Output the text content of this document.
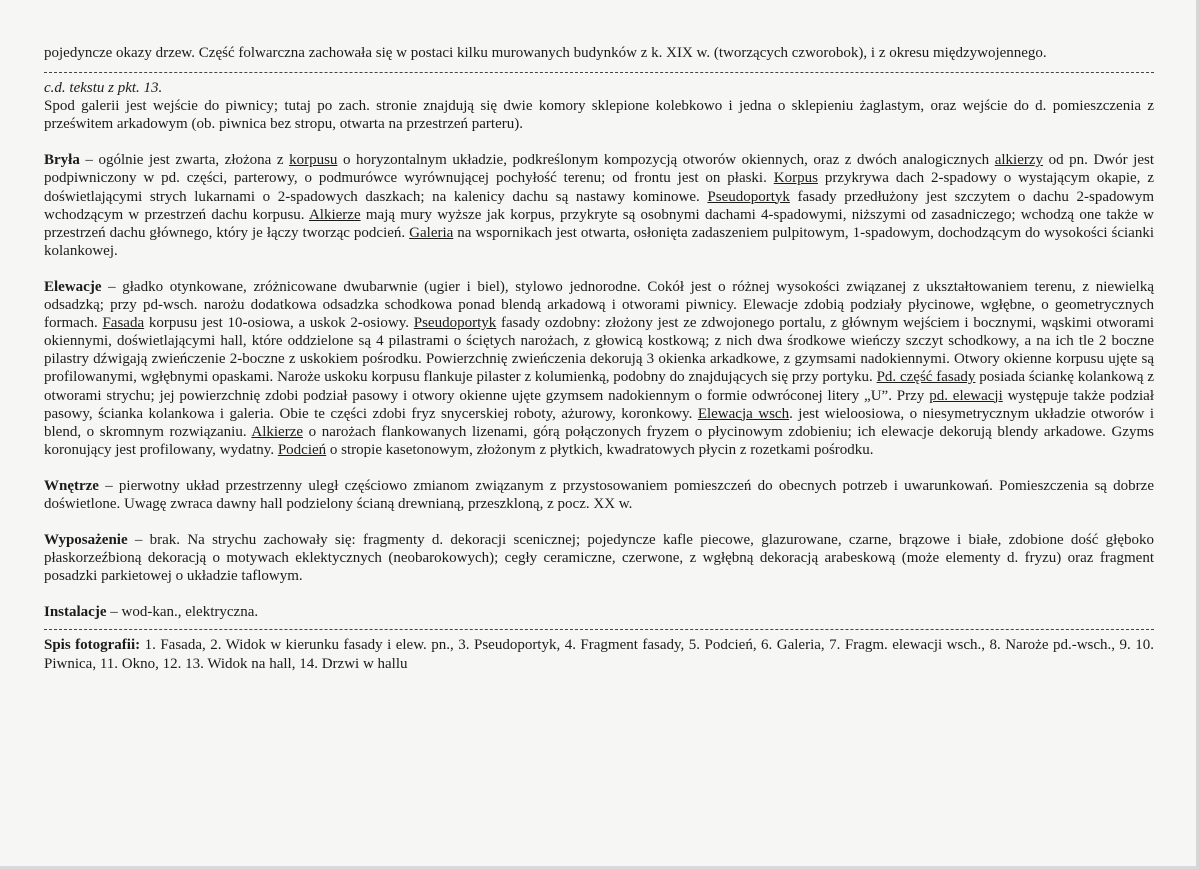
pojedyncze okazy drzew. Część folwarczna zachowała się w postaci kilku murowanych budynków z k. XIX w. (tworzących czworobok), i z okresu międzywojennego.

c.d. tekstu z pkt. 13.

Spod galerii jest wejście do piwnicy; tutaj po zach. stronie znajdują się dwie komory sklepione kolebkowo i jedna o sklepieniu żaglastym, oraz wejście do d. pomieszczenia z prześwitem arkadowym (ob. piwnica bez stropu, otwarta na przestrzeń parteru).

Bryła – ogólnie jest zwarta, złożona z korpusu o horyzontalnym układzie, podkreślonym kompozycją otworów okiennych, oraz z dwóch analogicznych alkierzy od pn. Dwór jest podpiwniczony w pd. części, parterowy, o podmurówce wyrównującej pochyłość terenu; od frontu jest on płaski. Korpus przykrywa dach 2-spadowy o wystającym okapie, z doświetlającymi strych lukarnami o 2-spadowych daszkach; na kalenicy dachu są nastawy kominowe. Pseudoportyk fasady przedłużony jest szczytem o dachu 2-spadowym wchodzącym w przestrzeń dachu korpusu. Alkierze mają mury wyższe jak korpus, przykryte są osobnymi dachami 4-spadowymi, niższymi od zasadniczego; wchodzą one także w przestrzeń dachu głównego, który je łączy tworząc podcień. Galeria na wspornikach jest otwarta, osłonięta zadaszeniem pulpitowym, 1-spadowym, dochodzącym do wysokości ścianki kolankowej.

Elewacje – gładko otynkowane, zróżnicowane dwubarwnie (ugier i biel), stylowo jednorodne. Cokół jest o różnej wysokości związanej z ukształtowaniem terenu, z niewielką odsadzką; przy pd-wsch. narożu dodatkowa odsadzka schodkowa ponad blendą arkadową i otworami piwnicy. Elewacje zdobią podziały płycinowe, wgłębne, o geometrycznych formach. Fasada korpusu jest 10-osiowa, a uskok 2-osiowy. Pseudoportyk fasady ozdobny: złożony jest ze zdwojonego portalu, z głównym wejściem i bocznymi, wąskimi otworami okiennymi, doświetlającymi hall, które oddzielone są 4 pilastrami o ściętych narożach, z głowicą kostkową; z nich dwa środkowe wieńczy szczyt schodkowy, a na ich tle 2 boczne pilastry dźwigają zwieńczenie 2-boczne z uskokiem pośrodku. Powierzchnię zwieńczenia dekorują 3 okienka arkadkowe, z gzymsami nadokiennymi. Otwory okienne korpusu ujęte są profilowanymi, wgłębnymi opaskami. Naroże uskoku korpusu flankuje pilaster z kolumienką, podobny do znajdujących się przy portyku. Pd. część fasady posiada ściankę kolankową z otworami strychu; jej powierzchnię zdobi podział pasowy i otwory okienne ujęte gzymsem nadokiennym o formie odwróconej litery „U”. Przy pd. elewacji występuje także podział pasowy, ścianka kolankowa i galeria. Obie te części zdobi fryz snycerskiej roboty, ażurowy, koronkowy. Elewacja wsch. jest wieloosiowa, o niesymetrycznym układzie otworów i blend, o skromnym rozwiązaniu. Alkierze o narożach flankowanych lizenami, górą połączonych fryzem o płycinowym zdobieniu; ich elewacje dekorują blendy arkadowe. Gzyms koronujący jest profilowany, wydatny. Podcień o stropie kasetonowym, złożonym z płytkich, kwadratowych płycin z rozetkami pośrodku.

Wnętrze – pierwotny układ przestrzenny uległ częściowo zmianom związanym z przystosowaniem pomieszczeń do obecnych potrzeb i uwarunkowań. Pomieszczenia są dobrze doświetlone. Uwagę zwraca dawny hall podzielony ścianą drewnianą, przeszkloną, z pocz. XX w.

Wyposażenie – brak. Na strychu zachowały się: fragmenty d. dekoracji scenicznej; pojedyncze kafle piecowe, glazurowane, czarne, brązowe i białe, zdobione dość głęboko płaskorzeźbioną dekoracją o motywach eklektycznych (neobarokowych); cegły ceramiczne, czerwone, z wgłębną dekoracją arabeskową (może elementy d. fryzu) oraz fragment posadzki parkietowej o układzie taflowym.

Instalacje – wod-kan., elektryczna.

Spis fotografii: 1. Fasada, 2. Widok w kierunku fasady i elew. pn., 3. Pseudoportyk, 4. Fragment fasady, 5. Podcień, 6. Galeria, 7. Fragm. elewacji wsch., 8. Naroże pd.-wsch., 9. 10. Piwnica, 11. Okno, 12. 13. Widok na hall, 14. Drzwi w hallu
